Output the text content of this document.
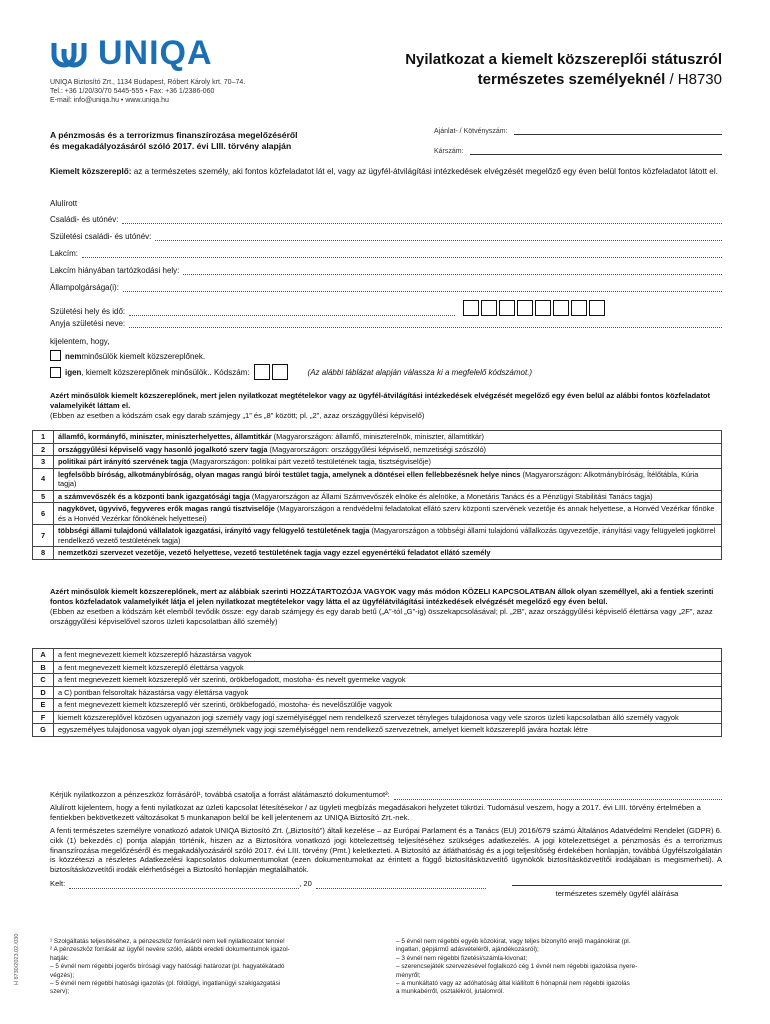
UNIQA
UNIQA Biztosító Zrt., 1134 Budapest, Róbert Károly krt. 70–74.
Tel.: +36 1/20/30/70 5445-555 • Fax: +36 1/2386-060
E-mail: info@uniqa.hu • www.uniqa.hu
Nyilatkozat a kiemelt közszereplői státuszról
természetes személyeknél / H8730
A pénzmosás és a terrorizmus finanszírozása megelőzéséről
és megakadályozásáról szóló 2017. évi LIII. törvény alapján
Ajánlat- / Kötvényszám:
Kárszám:
Kiemelt közszereplő: az a természetes személy, aki fontos közfeladatot lát el, vagy az ügyfél-átvilágítási intézkedések elvégzését megelőző egy éven belül fontos közfeladatot látott el.
Alulírott
Családi- és utónév:
Születési családi- és utónév:
Lakcím:
Lakcím hiányában tartózkodási hely:
Állampolgársága(i):
Születési hely és idő:
Anyja születési neve:
kijelentem, hogy,
nem minősülök kiemelt közszereplőnek.
igen , kiemelt közszereplőnek minősülök.. Kódszám:	(Az alábbi táblázat alapján válassza ki a megfelelő kódszámot.)
Azért minősülök kiemelt közszereplőnek, mert jelen nyilatkozat megtételekor vagy az ügyfél-átvilágítási intézkedések elvégzését megelőző egy éven belül az alábbi fontos közfeladatot valamelyikét láttam el.
(Ebben az esetben a kódszám csak egy darab számjegy „1” és „8” között; pl. „2”, azaz országgyűlési képviselő)
1	államfő, kormányfő, miniszter, miniszterhelyettes, államtitkár (Magyarországon: államfő, miniszterelnök, miniszter, államtitkár)
2	országgyűlési képviselő vagy hasonló jogalkotó szerv tagja (Magyarországon: országgyűlési képviselő, nemzetiségi szószóló)
3	politikai párt irányító szervének tagja (Magyarországon: politikai párt vezető testületének tagja, tisztségviselője)
4	legfelsőbb bíróság, alkotmánybíróság, olyan magas rangú bírói testület tagja, amelynek a döntései ellen fellebbezésnek helye nincs (Magyarországon: Alkotmánybíróság, Ítélőtábla, Kúria tagja)
5	a számvevőszék és a központi bank igazgatósági tagja (Magyarországon az Állami Számvevőszék elnöke és alelnöke, a Monetáris Tanács és a Pénzügyi Stabilitási Tanács tagja)
6	nagykövet, ügyvivő, fegyveres erők magas rangú tisztviselője (Magyarországon a rendvédelmi feladatokat ellátó szerv központi szervének vezetője és annak helyettese, a Honvéd Vezérkar főnöke és a Honvéd Vezérkar főnökének helyettesei)
7	többségi állami tulajdonú vállalatok igazgatási, irányító vagy felügyelő testületének tagja (Magyarországon a többségi állami tulajdonú vállalkozás ügyvezetője, irányítási vagy felügyeleti jogkörrel rendelkező vezető testületének tagja)
8	nemzetközi szervezet vezetője, vezető helyettese, vezető testületének tagja vagy ezzel egyenértékű feladatot ellátó személy
Azért minősülök kiemelt közszereplőnek, mert az alábbiak szerinti HOZZÁTARTOZÓJA VAGYOK vagy más módon KÖZELI KAPCSOLATBAN állok olyan személlyel, aki a fentiek szerinti fontos közfeladatok valamelyikét látja el jelen nyilatkozat megtételekor vagy látta el az ügyfélátvilágítási intézkedések elvégzését megelőző egy éven belül.
(Ebben az esetben a kódszám két elemből tevődik össze: egy darab számjegy és egy darab betű („A”-tól „G”-ig) összekapcsolásával; pl. „2B”, azaz országgyűlési képviselő élettársa vagy „2F”, azaz országgyűlési képviselővel szoros üzleti kapcsolatban álló személy)
A	a fent megnevezett kiemelt közszereplő házastársa vagyok
B	a fent megnevezett kiemelt közszereplő élettársa vagyok
C	a fent megnevezett kiemelt közszereplő vér szerinti, örökbefogadott, mostoha- és nevelt gyermeke vagyok
D	a C) pontban felsoroltak házastársa vagy élettársa vagyok
E	a fent megnevezett kiemelt közszereplő vér szerinti, örökbefogadó, mostoha- és nevelőszülője vagyok
F	kiemelt közszereplővel közösen ugyanazon jogi személy vagy jogi személyiséggel nem rendelkező szervezet tényleges tulajdonosa vagy vele szoros üzleti kapcsolatban álló személy vagyok
G	egyszemélyes tulajdonosa vagyok olyan jogi személynek vagy jogi személyiséggel nem rendelkező szervezetnek, amelyet kiemelt közszereplő javára hoztak létre
Kérjük nyilatkozzon a pénzeszköz forrásáról¹, továbbá csatolja a forrást alátámasztó dokumentumot²:
Alulírott kijelentem, hogy a fenti nyilatkozat az üzleti kapcsolat létesítésekor / az ügyleti megbízás megadásakori helyzetet tükrözi. Tudomásul veszem, hogy a 2017. évi LIII. törvény értelmében a fentiekben bekövetkezett változásokat 5 munkanapon belül be kell jelentenem az UNIQA Biztosító Zrt.-nek.
A fenti természetes személyre vonatkozó adatok UNIQA Biztosító Zrt. („Biztosító”) általi kezelése – az Európai Parlament és a Tanács (EU) 2016/679 számú Általános Adatvédelmi Rendelet (GDPR) 6. cikk (1) bekezdés c) pontja alapján történik, hiszen az a Biztosítóra vonatkozó jogi kötelezettség teljesítéséhez szükséges adatkezelés. A jogi kötelezettséget a pénzmosás és a terrorizmus finanszírozása megelőzéséről és megakadályozásáról szóló 2017. évi LIII. törvény (Pmt.) keletkezteti. A Biztosító az átláthatóság és a jogi teljesítőség érdekében honlapján, továbbá Ügyfélszolgálatán is közzéteszi a részletes Adatkezelési kapcsolatos dokumentumokat (ezen dokumentumokat az érintett a függő biztosításközvetítő ügynökök biztosításközvetítői irodájában is megismerheti). A biztosításközvetítői irodák elérhetőségei a Biztosító honlapján megtalálhatók.
Kelt:	, 20
természetes személy ügyfél aláírása
¹ Szolgáltatás teljesítéséhez, a pénzeszköz forrásáról nem kell nyilatkozatot tennie!
² A pénzeszköz forrását az ügyfél nevére szóló, alábbi eredeti dokumentumok igazol-
hatják:
– 5 évnél nem régebbi jogerős bírósági vagy hatósági határozat (pl. hagyatékátadó
végzés);
– 5 évnél nem régebbi hatósági igazolás (pl. földügyi, ingatlanügyi szakigazgatási
szerv);
– 5 évnél nem régebbi egyéb közokirat, vagy teljes bizonyító erejű magánokirat (pl.
ingatlan, gépjármű adásvételéről, ajándékozásról);
– 3 évnél nem régebbi fizetési/számla-kivonat;
– szerencsejáték szervezésével foglalkozó cég 1 évnél nem régebbi igazolása nyere-
ményről;
– a munkáltató vagy az adóhatóság által kiállított 6 hónapnál nem régebbi igazolás
a munkabérről, osztalékról, jutalomról.
H 8730/2023.02./030
